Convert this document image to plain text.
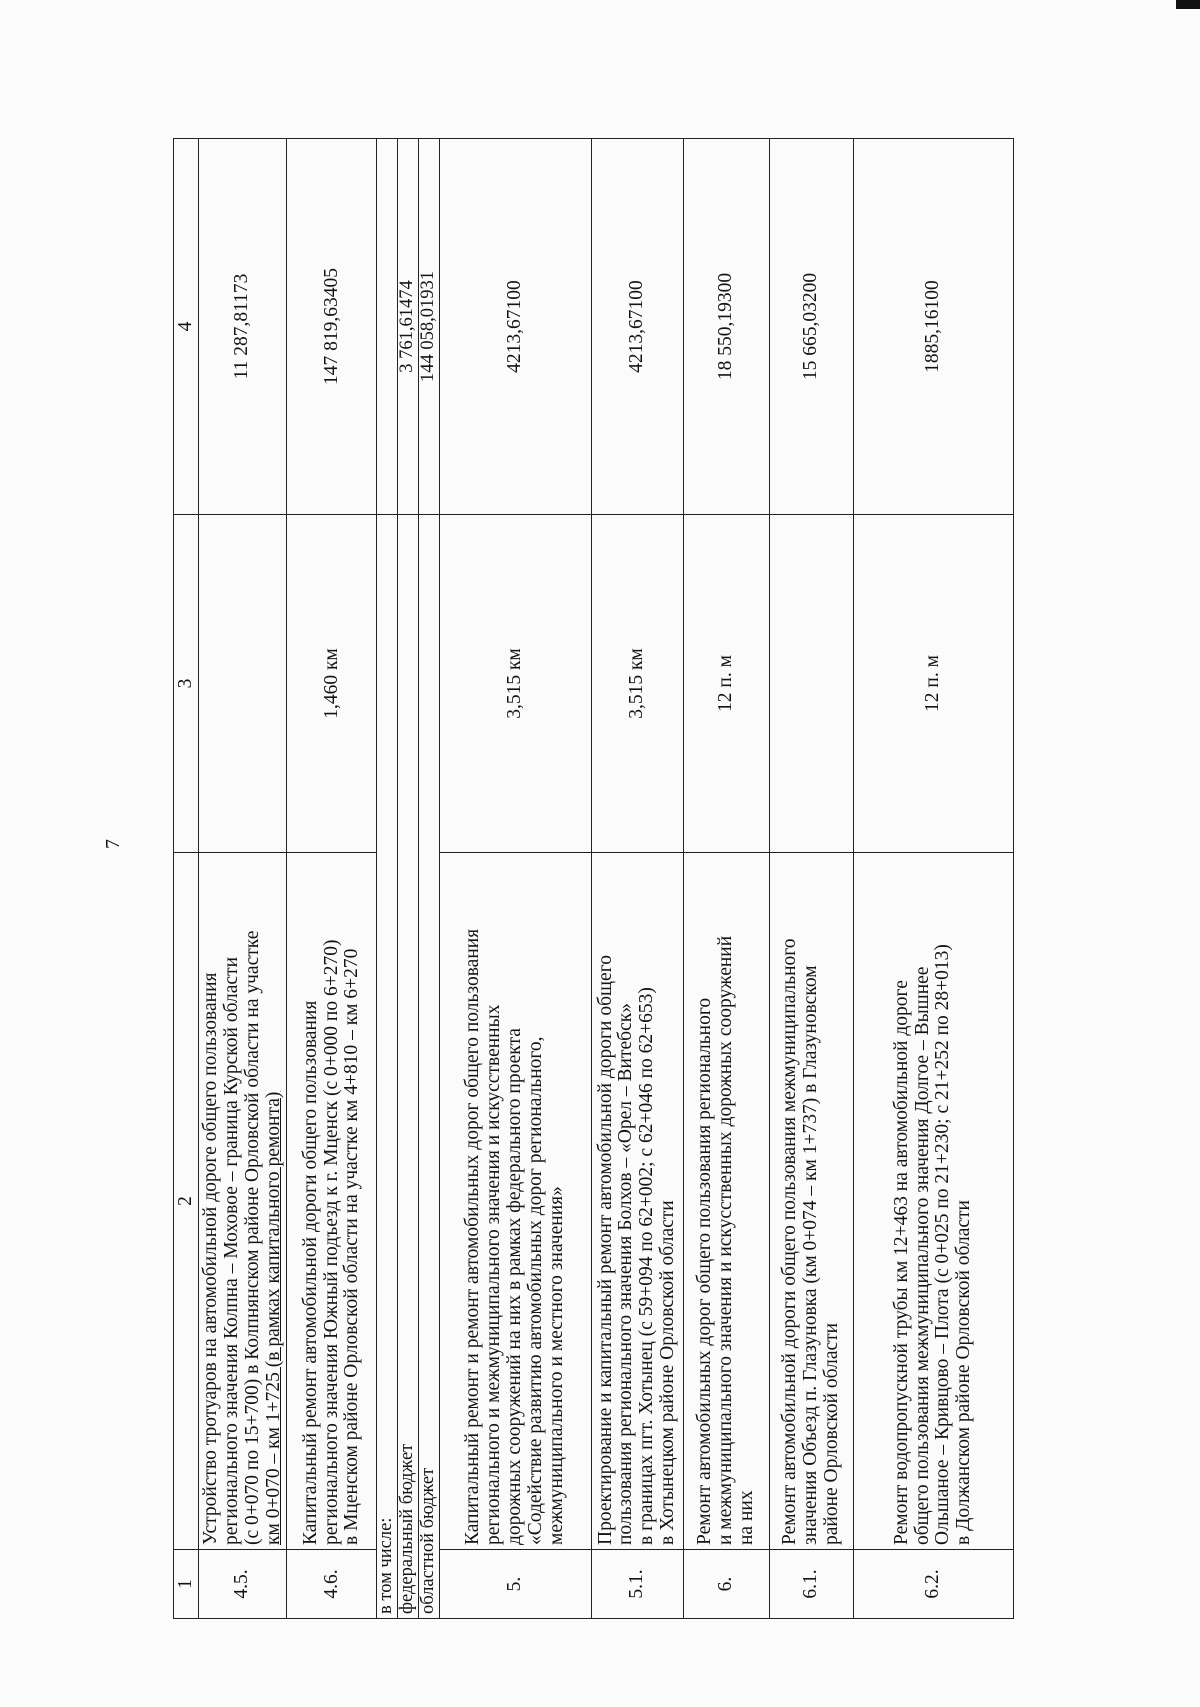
7
1	2	3	4
4.5.	Устройство тротуаров на автомобильной дороге общего пользования регионального значения Колпна – Моховое – граница Курской области (с 0+070 по 15+700) в Колпнянском районе Орловской области на участке км 0+070 – км 1+725 (в рамках капитального ремонта)		11 287,81173
4.6.	Капитальный ремонт автомобильной дороги общего пользования регионального значения Южный подъезд к г. Мценск (с 0+000 по 6+270) в Мценском районе Орловской области на участке км 4+810 – км 6+270	1,460 км	147 819,63405
в том числе:			
федеральный бюджет			3 761,61474
областной бюджет			144 058,01931
5.	Капитальный ремонт и ремонт автомобильных дорог общего пользования регионального и межмуниципального значения и искусственных дорожных сооружений на них в рамках федерального проекта «Содействие развитию автомобильных дорог регионального, межмуниципального и местного значения»	3,515 км	4213,67100
5.1.	Проектирование и капитальный ремонт автомобильной дороги общего пользования регионального значения Болхов – «Орел – Витебск» в границах пгт. Хотынец (с 59+094 по 62+002; с 62+046 по 62+653) в Хотынецком районе Орловской области	3,515 км	4213,67100
6.	Ремонт автомобильных дорог общего пользования регионального и межмуниципального значения и искусственных дорожных сооружений на них	12 п. м	18 550,19300
6.1.	Ремонт автомобильной дороги общего пользования межмуниципального значения Объезд п. Глазуновка (км 0+074 – км 1+737) в Глазуновском районе Орловской области		15 665,03200
6.2.	Ремонт водопропускной трубы км 12+463 на автомобильной дороге общего пользования межмуниципального значения Долгое – Вышнее Ольшаное – Кривцово – Плота (с 0+025 по 21+230; с 21+252 по 28+013) в Должанском районе Орловской области	12 п. м	1885,16100
